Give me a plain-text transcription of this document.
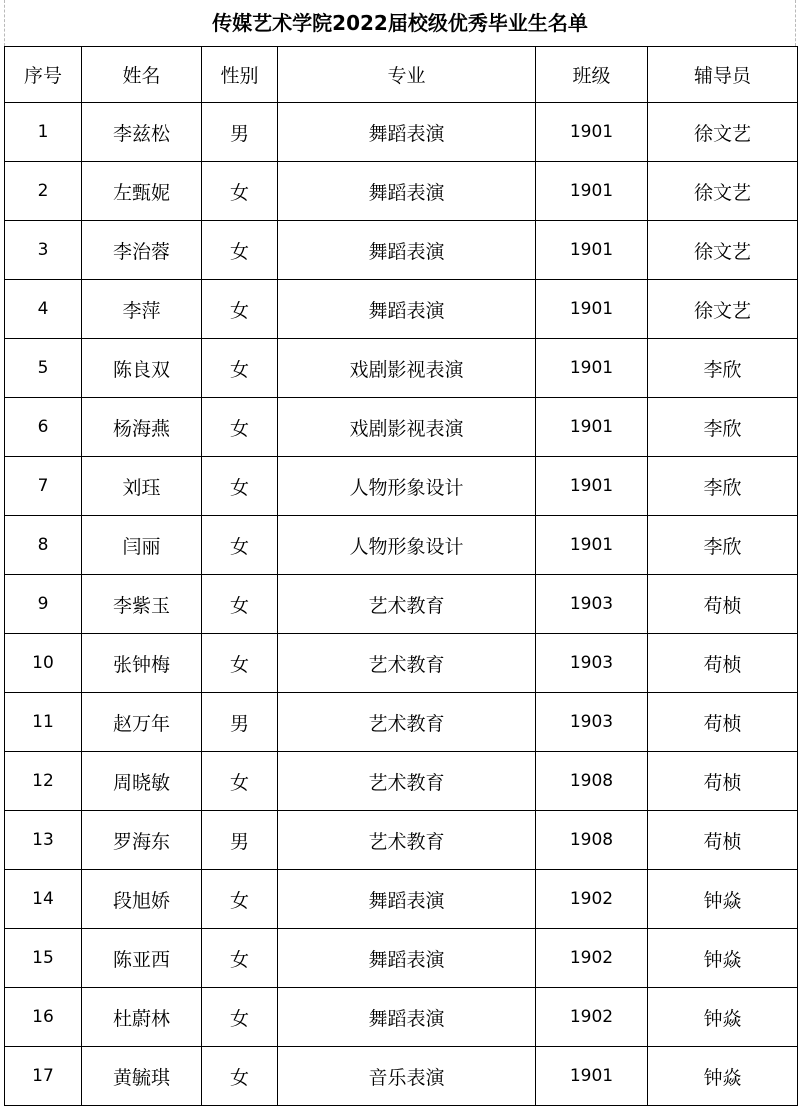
传媒艺术学院2022届校级优秀毕业生名单
序号	姓名	性别	专业	班级	辅导员
1	李兹松	男	舞蹈表演	1901	徐文艺
2	左甄妮	女	舞蹈表演	1901	徐文艺
3	李治蓉	女	舞蹈表演	1901	徐文艺
4	李萍	女	舞蹈表演	1901	徐文艺
5	陈良双	女	戏剧影视表演	1901	李欣
6	杨海燕	女	戏剧影视表演	1901	李欣
7	刘珏	女	人物形象设计	1901	李欣
8	闫丽	女	人物形象设计	1901	李欣
9	李紫玉	女	艺术教育	1903	苟桢
10	张钟梅	女	艺术教育	1903	苟桢
11	赵万年	男	艺术教育	1903	苟桢
12	周晓敏	女	艺术教育	1908	苟桢
13	罗海东	男	艺术教育	1908	苟桢
14	段旭娇	女	舞蹈表演	1902	钟焱
15	陈亚西	女	舞蹈表演	1902	钟焱
16	杜蔚林	女	舞蹈表演	1902	钟焱
17	黄毓琪	女	音乐表演	1901	钟焱
